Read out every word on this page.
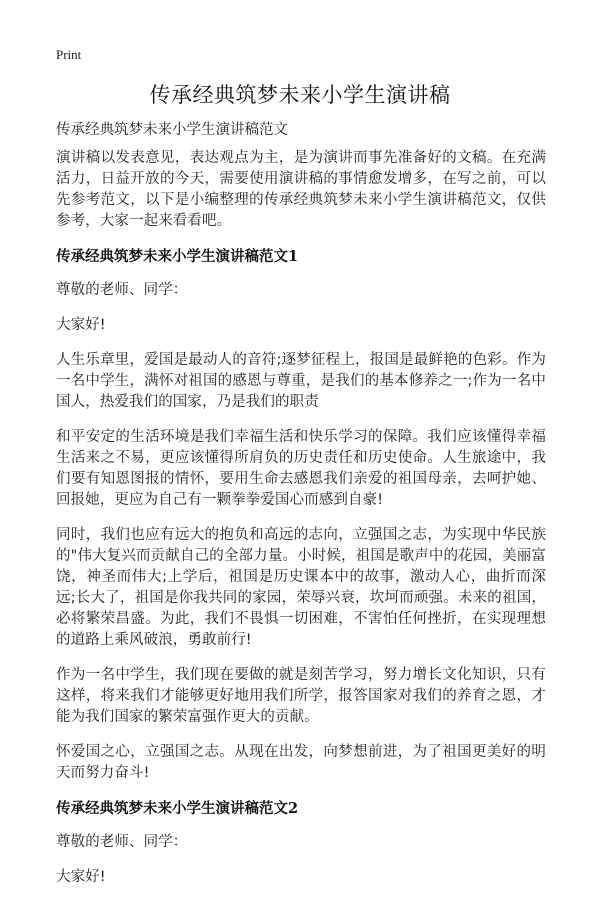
Print
传承经典筑梦未来小学生演讲稿
传承经典筑梦未来小学生演讲稿范文

演讲稿以发表意见，表达观点为主，是为演讲而事先准备好的文稿。在充满活力，日益开放的今天，需要使用演讲稿的事情愈发增多，在写之前，可以先参考范文，以下是小编整理的传承经典筑梦未来小学生演讲稿范文，仅供参考，大家一起来看看吧。

传承经典筑梦未来小学生演讲稿范文1

尊敬的老师、同学：

大家好!

人生乐章里，爱国是最动人的音符;逐梦征程上，报国是最鲜艳的色彩。作为一名中学生，满怀对祖国的感恩与尊重，是我们的基本修养之一;作为一名中国人，热爱我们的国家，乃是我们的职责

和平安定的生活环境是我们幸福生活和快乐学习的保障。我们应该懂得幸福生活来之不易，更应该懂得所肩负的历史责任和历史使命。人生旅途中，我们要有知恩图报的情怀，要用生命去感恩我们亲爱的祖国母亲，去呵护她、回报她，更应为自己有一颗拳拳爱国心而感到自豪!

同时，我们也应有远大的抱负和高远的志向，立强国之志，为实现中华民族的"伟大复兴而贡献自己的全部力量。小时候，祖国是歌声中的花园，美丽富饶，神圣而伟大;上学后，祖国是历史课本中的故事，激动人心，曲折而深远;长大了，祖国是你我共同的家园，荣辱兴衰，坎坷而顽强。未来的祖国，必将繁荣昌盛。为此，我们不畏惧一切困难，不害怕任何挫折，在实现理想的道路上乘风破浪，勇敢前行!

作为一名中学生，我们现在要做的就是刻苦学习，努力增长文化知识，只有这样，将来我们才能够更好地用我们所学，报答国家对我们的养育之恩，才能为我们国家的繁荣富强作更大的贡献。

怀爱国之心，立强国之志。从现在出发，向梦想前进，为了祖国更美好的明天而努力奋斗!

传承经典筑梦未来小学生演讲稿范文2

尊敬的老师、同学：

大家好!
